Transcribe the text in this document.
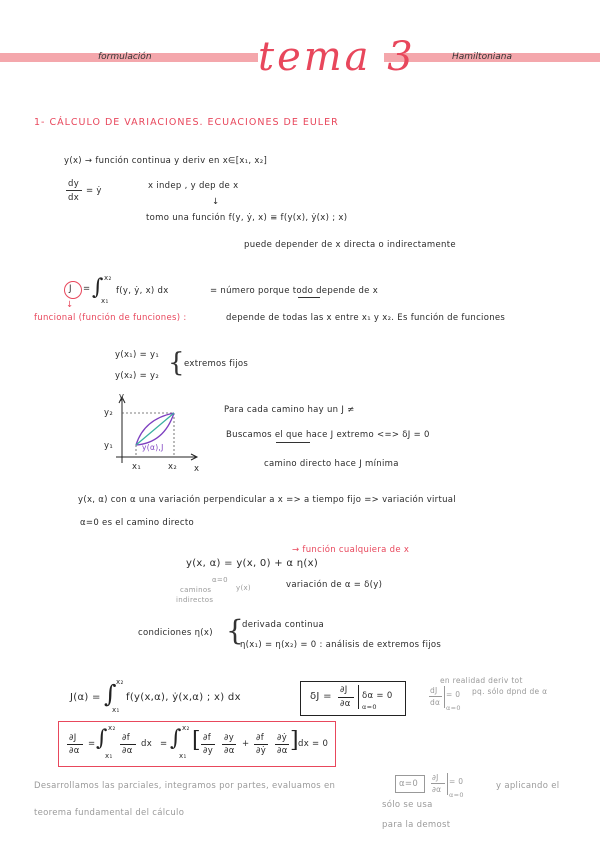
formulación	tema 3	Hamiltoniana
1- CÁLCULO DE VARIACIONES. ECUACIONES DE EULER
y(x) → función continua y deriv en x∈[x₁, x₂]
dy
dx
= ẏ	x indep , y dep de x
↓
tomo una función f(y, ẏ, x) ≡ f(y(x), ẏ(x) ; x)
puede depender de x directa o indirectamente
J = ∫ x₂
x₁
f(y, ẏ, x) dx	= número porque todo depende de x
↓
funcional (función de funciones) :	depende de todas las x entre x₁ y x₂. Es función de funciones
y(x₁) = y₁
y(x₂) = y₂ { extremos fijos
y
x
y₂
y₁
x₁	x₂
y(α),J
Para cada camino hay un J ≠
Buscamos el que hace J extremo <=> δJ = 0
camino directo hace J mínima
y(x, α) con α una variación perpendicular a x => a tiempo fijo => variación virtual
α=0 es el camino directo
→ función cualquiera de x
y(x, α) = y(x, 0) + α η(x)
α=0
caminos
indirectos
y(x)	variación de α = δ(y)
condiciones η(x) {
derivada continua
η(x₁) = η(x₂) = 0 : análisis de extremos fijos
J(α) = ∫ x₂
x₁
f(y(x,α), ẏ(x,α) ; x) dx	δJ =
∂J
∂α
δα = 0
α=0
en realidad deriv tot
dJ
dα
= 0
α=0
pq. sólo dpnd de α
∂J
∂α
= ∫ x₂
x₁
∂f
∂α
dx = ∫ x₂
x₁
[ ∂f
∂y
∂y
∂α
+
∂f
∂ẏ
∂ẏ
∂α ] dx = 0
Desarrollamos las parciales, integramos por partes, evaluamos en	α=0
∂J
∂α
= 0
α=0
y aplicando el
sólo se usa
teorema fundamental del cálculo
para la demost
